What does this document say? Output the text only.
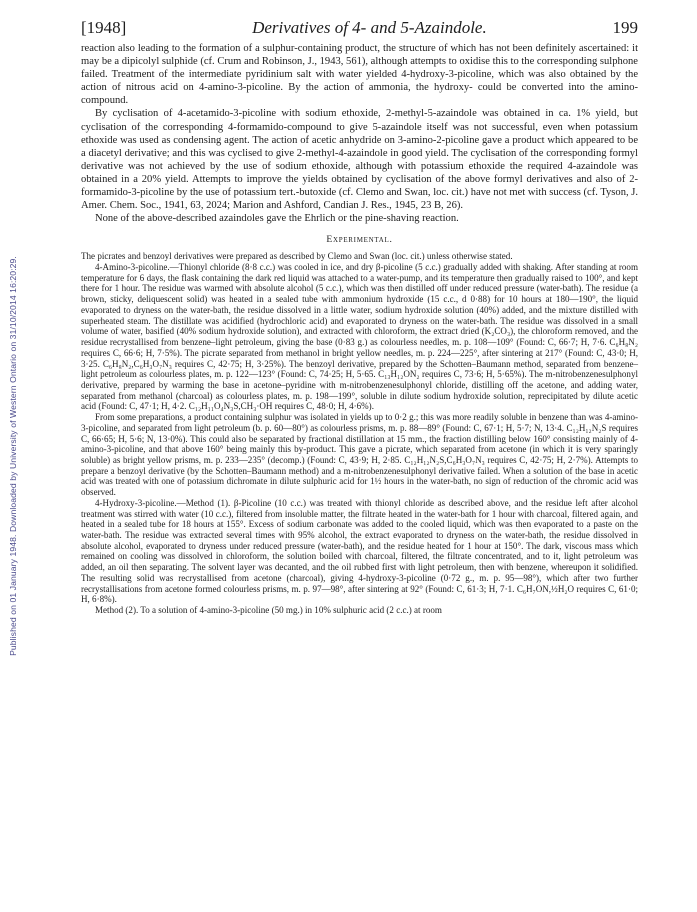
Published on 01 January 1948. Downloaded by University of Western Ontario on 31/10/2014 16:20:29.
[1948]	Derivatives of 4- and 5-Azaindole.	199

reaction also leading to the formation of a sulphur-containing product, the structure of which has not been definitely ascertained: it may be a dipicolyl sulphide (cf. Crum and Robinson, J., 1943, 561), although attempts to oxidise this to the corresponding sulphone failed. Treatment of the intermediate pyridinium salt with water yielded 4-hydroxy-3-picoline, which was also obtained by the action of nitrous acid on 4-amino-3-picoline. By the action of ammonia, the hydroxy- could be converted into the amino-compound.

By cyclisation of 4-acetamido-3-picoline with sodium ethoxide, 2-methyl-5-azaindole was obtained in ca. 1% yield, but cyclisation of the corresponding 4-formamido-compound to give 5-azaindole itself was not successful, even when potassium ethoxide was used as condensing agent. The action of acetic anhydride on 3-amino-2-picoline gave a product which appeared to be a diacetyl derivative; and this was cyclised to give 2-methyl-4-azaindole in good yield. The cyclisation of the corresponding formyl derivative was not achieved by the use of sodium ethoxide, although with potassium ethoxide the required 4-azaindole was obtained in a 20% yield. Attempts to improve the yields obtained by cyclisation of the above formyl derivatives and also of 2-formamido-3-picoline by the use of potassium tert.-butoxide (cf. Clemo and Swan, loc. cit.) have not met with success (cf. Tyson, J. Amer. Chem. Soc., 1941, 63, 2024; Marion and Ashford, Candian J. Res., 1945, 23 B, 26).

None of the above-described azaindoles gave the Ehrlich or the pine-shaving reaction.

Experimental.

The picrates and benzoyl derivatives were prepared as described by Clemo and Swan (loc. cit.) unless otherwise stated.

4-Amino-3-picoline.—Thionyl chloride (8·8 c.c.) was cooled in ice, and dry β-picoline (5 c.c.) gradually added with shaking. After standing at room temperature for 6 days, the flask containing the dark red liquid was attached to a water-pump, and its temperature then gradually raised to 100°, and kept there for 1 hour. The residue was warmed with absolute alcohol (5 c.c.), which was then distilled off under reduced pressure (water-bath). The residue (a brown, sticky, deliquescent solid) was heated in a sealed tube with ammonium hydroxide (15 c.c., d 0·88) for 10 hours at 180—190°, the liquid evaporated to dryness on the water-bath, the residue dissolved in a little water, sodium hydroxide solution (40%) added, and the mixture distilled with superheated steam. The distillate was acidified (hydrochloric acid) and evaporated to dryness on the water-bath. The residue was dissolved in a small volume of water, basified (40% sodium hydroxide solution), and extracted with chloroform, the extract dried (K₂CO₃), the chloroform removed, and the residue recrystallised from benzene–light petroleum, giving the base (0·83 g.) as colourless needles, m. p. 108—109° (Found: C, 66·7; H, 7·6. C₆H₈N₂ requires C, 66·6; H, 7·5%). The picrate separated from methanol in bright yellow needles, m. p. 224—225°, after sintering at 217° (Found: C, 43·0; H, 3·25. C₆H₈N₂,C₆H₃O₇N₃ requires C, 42·75; H, 3·25%). The benzoyl derivative, prepared by the Schotten–Baumann method, separated from benzene–light petroleum as colourless plates, m. p. 122—123° (Found: C, 74·25; H, 5·65. C₁₃H₁₂ON₂ requires C, 73·6; H, 5·65%). The m-nitrobenzenesulphonyl derivative, prepared by warming the base in acetone–pyridine with m-nitrobenzenesulphonyl chloride, distilling off the acetone, and adding water, separated from methanol (charcoal) as colourless plates, m. p. 198—199°, soluble in dilute sodium hydroxide solution, reprecipitated by dilute acetic acid (Found: C, 47·1; H, 4·2. C₁₂H₁₁O₄N₃S,CH₃·OH requires C, 48·0; H, 4·6%).

From some preparations, a product containing sulphur was isolated in yields up to 0·2 g.; this was more readily soluble in benzene than was 4-amino-3-picoline, and separated from light petroleum (b. p. 60—80°) as colourless prisms, m. p. 88—89° (Found: C, 67·1; H, 5·7; N, 13·4. C₁₂H₁₂N₂S requires C, 66·65; H, 5·6; N, 13·0%). This could also be separated by fractional distillation at 15 mm., the fraction distilling below 160° consisting mainly of 4-amino-3-picoline, and that above 160° being mainly this by-product. This gave a picrate, which separated from acetone (in which it is very sparingly soluble) as bright yellow prisms, m. p. 233—235° (decomp.) (Found: C, 43·9; H, 2·85. C₁₂H₁₂N₂S,C₆H₃O₇N₃ requires C, 42·75; H, 2·7%). Attempts to prepare a benzoyl derivative (by the Schotten–Baumann method) and a m-nitrobenzenesulphonyl derivative failed. When a solution of the base in acetic acid was treated with one of potassium dichromate in dilute sulphuric acid for 1½ hours in the water-bath, no sign of reduction of the chromic acid was observed.

4-Hydroxy-3-picoline.—Method (1). β-Picoline (10 c.c.) was treated with thionyl chloride as described above, and the residue left after alcohol treatment was stirred with water (10 c.c.), filtered from insoluble matter, the filtrate heated in the water-bath for 1 hour with charcoal, filtered again, and heated in a sealed tube for 18 hours at 155°. Excess of sodium carbonate was added to the cooled liquid, which was then evaporated to a paste on the water-bath. The residue was extracted several times with 95% alcohol, the extract evaporated to dryness on the water-bath, the residue dissolved in absolute alcohol, evaporated to dryness under reduced pressure (water-bath), and the residue heated for 1 hour at 150°. The dark, viscous mass which remained on cooling was dissolved in chloroform, the solution boiled with charcoal, filtered, the filtrate concentrated, and to it, light petroleum was added, an oil then separating. The solvent layer was decanted, and the oil rubbed first with light petroleum, then with benzene, whereupon it solidified. The resulting solid was recrystallised from acetone (charcoal), giving 4-hydroxy-3-picoline (0·72 g., m. p. 95—98°), which after two further recrystallisations from acetone formed colourless prisms, m. p. 97—98°, after sintering at 92° (Found: C, 61·3; H, 7·1. C₆H₇ON,½H₂O requires C, 61·0; H, 6·8%).

Method (2). To a solution of 4-amino-3-picoline (50 mg.) in 10% sulphuric acid (2 c.c.) at room
